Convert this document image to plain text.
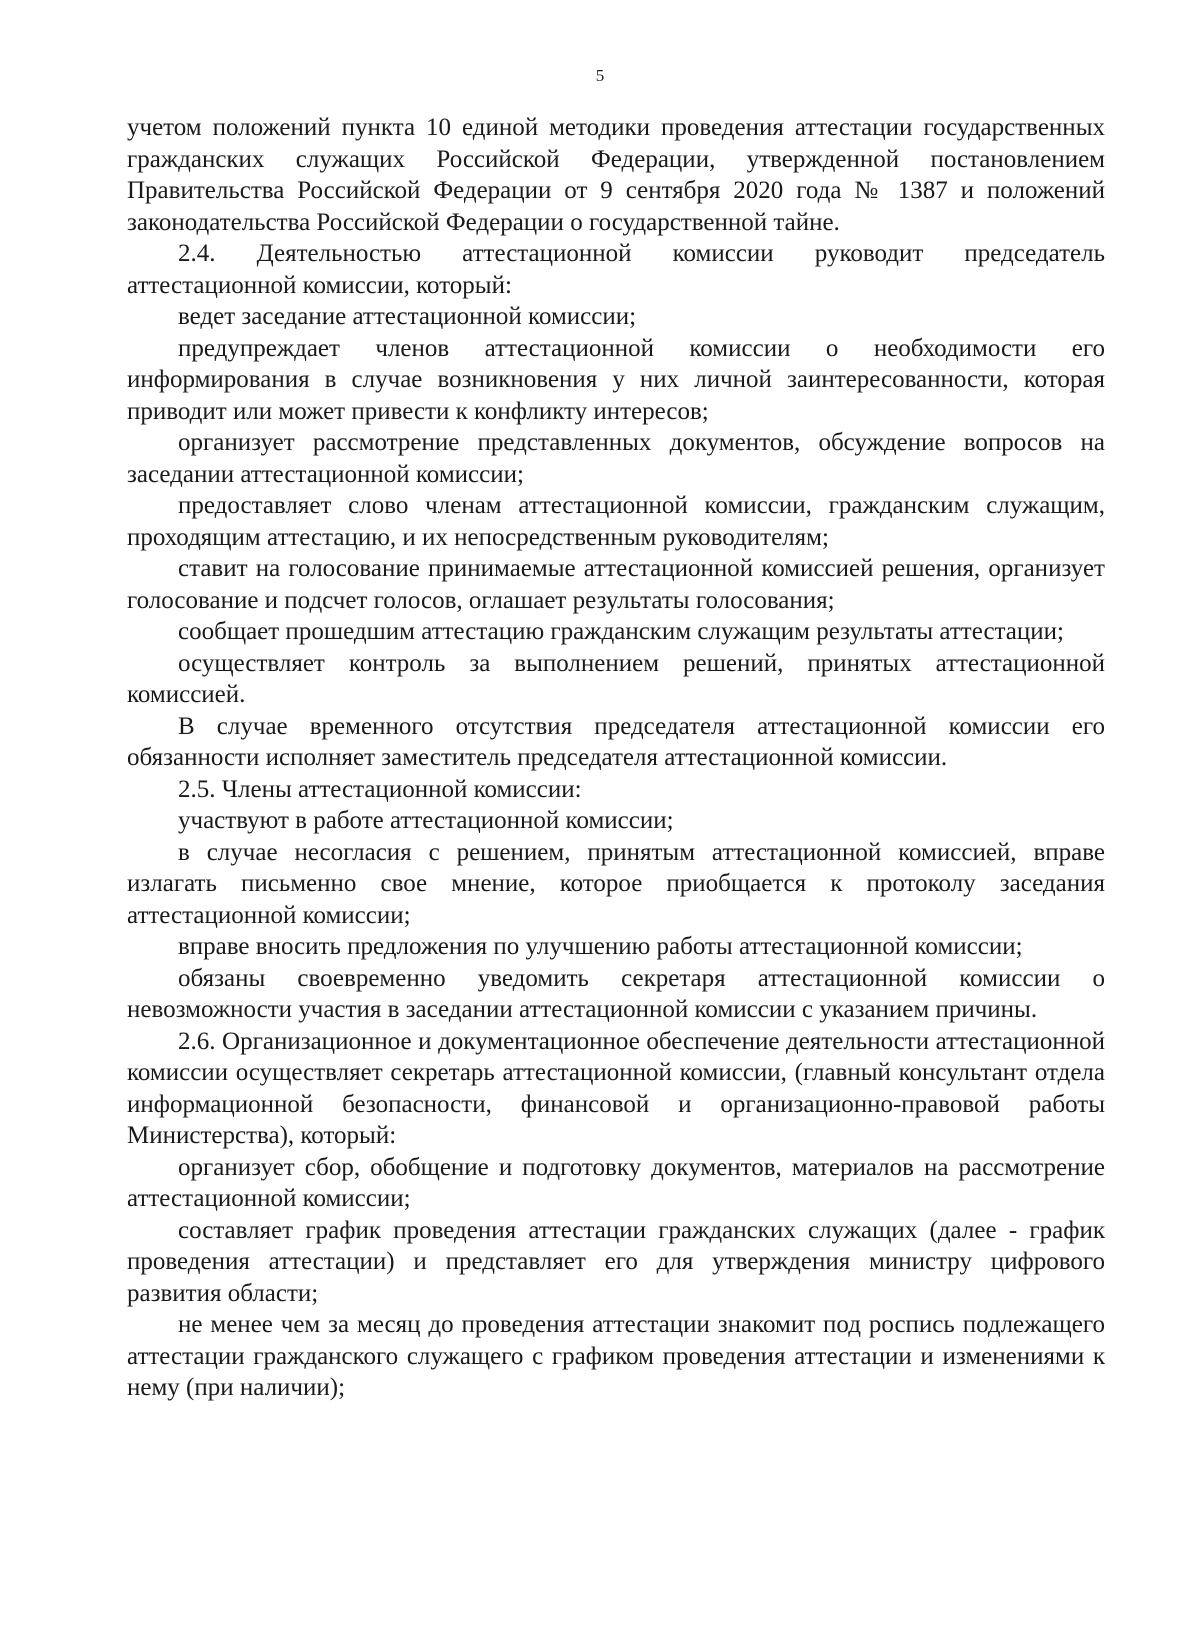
5

учетом положений пункта 10 единой методики проведения аттестации государственных гражданских служащих Российской Федерации, утвержденной постановлением Правительства Российской Федерации от 9 сентября 2020 года № 1387 и положений законодательства Российской Федерации о государственной тайне.

2.4. Деятельностью аттестационной комиссии руководит председатель аттестационной комиссии, который:

ведет заседание аттестационной комиссии;

предупреждает членов аттестационной комиссии о необходимости его информирования в случае возникновения у них личной заинтересованности, которая приводит или может привести к конфликту интересов;

организует рассмотрение представленных документов, обсуждение вопросов на заседании аттестационной комиссии;

предоставляет слово членам аттестационной комиссии, гражданским служащим, проходящим аттестацию, и их непосредственным руководителям;

ставит на голосование принимаемые аттестационной комиссией решения, организует голосование и подсчет голосов, оглашает результаты голосования;

сообщает прошедшим аттестацию гражданским служащим результаты аттестации;

осуществляет контроль за выполнением решений, принятых аттестационной комиссией.

В случае временного отсутствия председателя аттестационной комиссии его обязанности исполняет заместитель председателя аттестационной комиссии.

2.5. Члены аттестационной комиссии:

участвуют в работе аттестационной комиссии;

в случае несогласия с решением, принятым аттестационной комиссией, вправе излагать письменно свое мнение, которое приобщается к протоколу заседания аттестационной комиссии;

вправе вносить предложения по улучшению работы аттестационной комиссии;

обязаны своевременно уведомить секретаря аттестационной комиссии о невозможности участия в заседании аттестационной комиссии с указанием причины.

2.6. Организационное и документационное обеспечение деятельности аттестационной комиссии осуществляет секретарь аттестационной комиссии, (главный консультант отдела информационной безопасности, финансовой и организационно-правовой работы Министерства), который:

организует сбор, обобщение и подготовку документов, материалов на рассмотрение аттестационной комиссии;

составляет график проведения аттестации гражданских служащих (далее - график проведения аттестации) и представляет его для утверждения министру цифрового развития области;

не менее чем за месяц до проведения аттестации знакомит под роспись подлежащего аттестации гражданского служащего с графиком проведения аттестации и изменениями к нему (при наличии);
